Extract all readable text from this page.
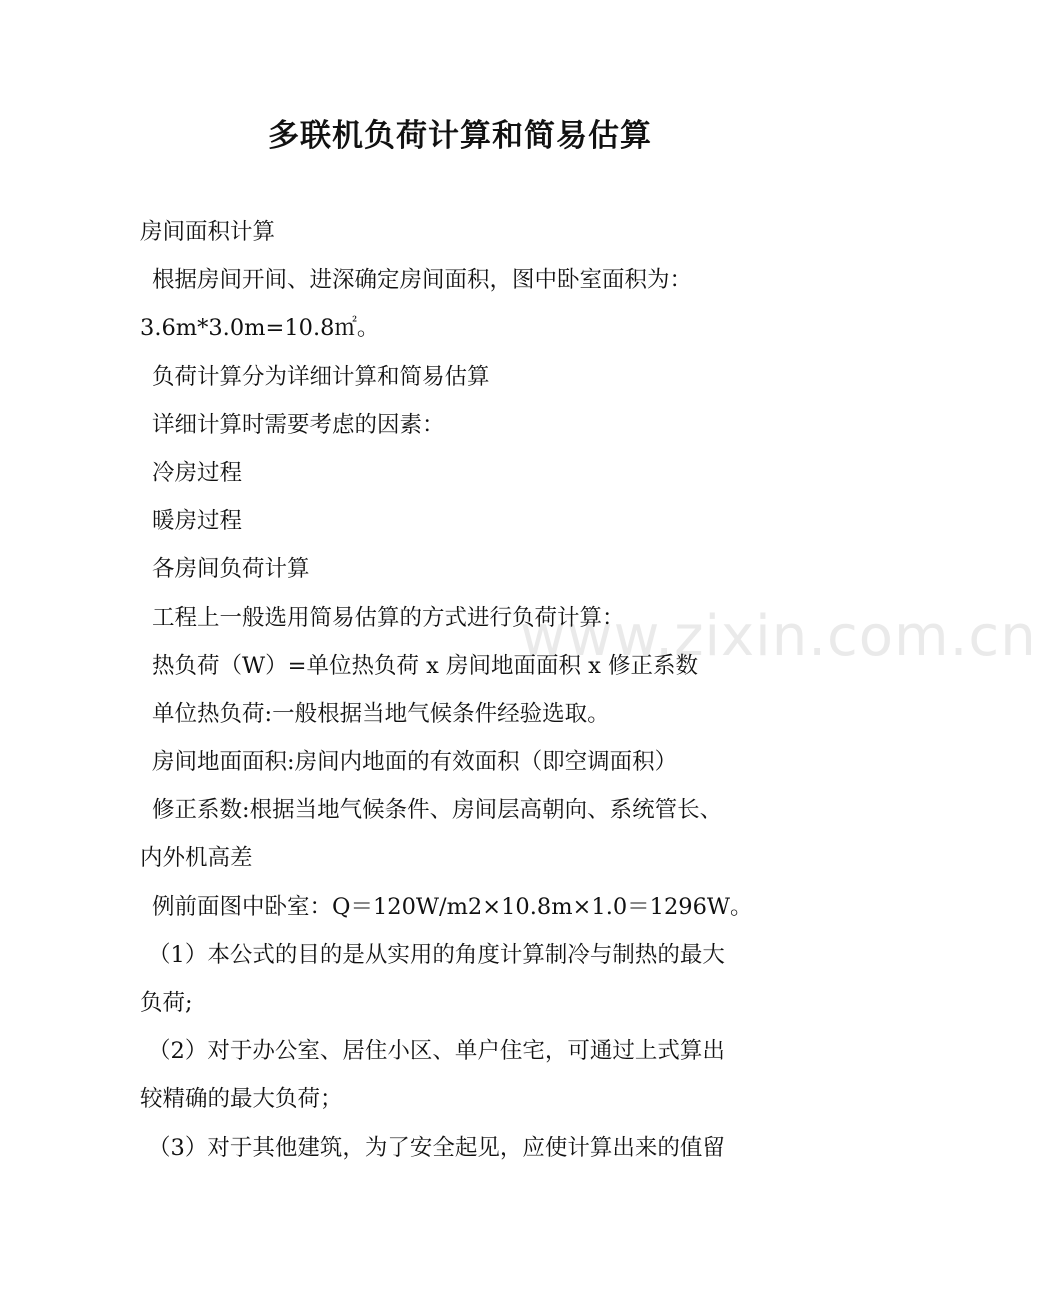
www.zixin.com.cn
多联机负荷计算和简易估算

房间面积计算

根据房间开间、进深确定房间面积，图中卧室面积为：

3.6m*3.0m=10.8㎡。

负荷计算分为详细计算和简易估算

详细计算时需要考虑的因素：

冷房过程

暖房过程

各房间负荷计算

工程上一般选用简易估算的方式进行负荷计算：

热负荷（W）=单位热负荷 x 房间地面面积 x 修正系数

单位热负荷:一般根据当地气候条件经验选取。

房间地面面积:房间内地面的有效面积（即空调面积）

修正系数:根据当地气候条件、房间层高朝向、系统管长、

内外机高差

例前面图中卧室：Q＝120W/m2×10.8m×1.0＝1296W。

（1）本公式的目的是从实用的角度计算制冷与制热的最大

负荷;

（2）对于办公室、居住小区、单户住宅，可通过上式算出

较精确的最大负荷；

（3）对于其他建筑，为了安全起见，应使计算出来的值留
